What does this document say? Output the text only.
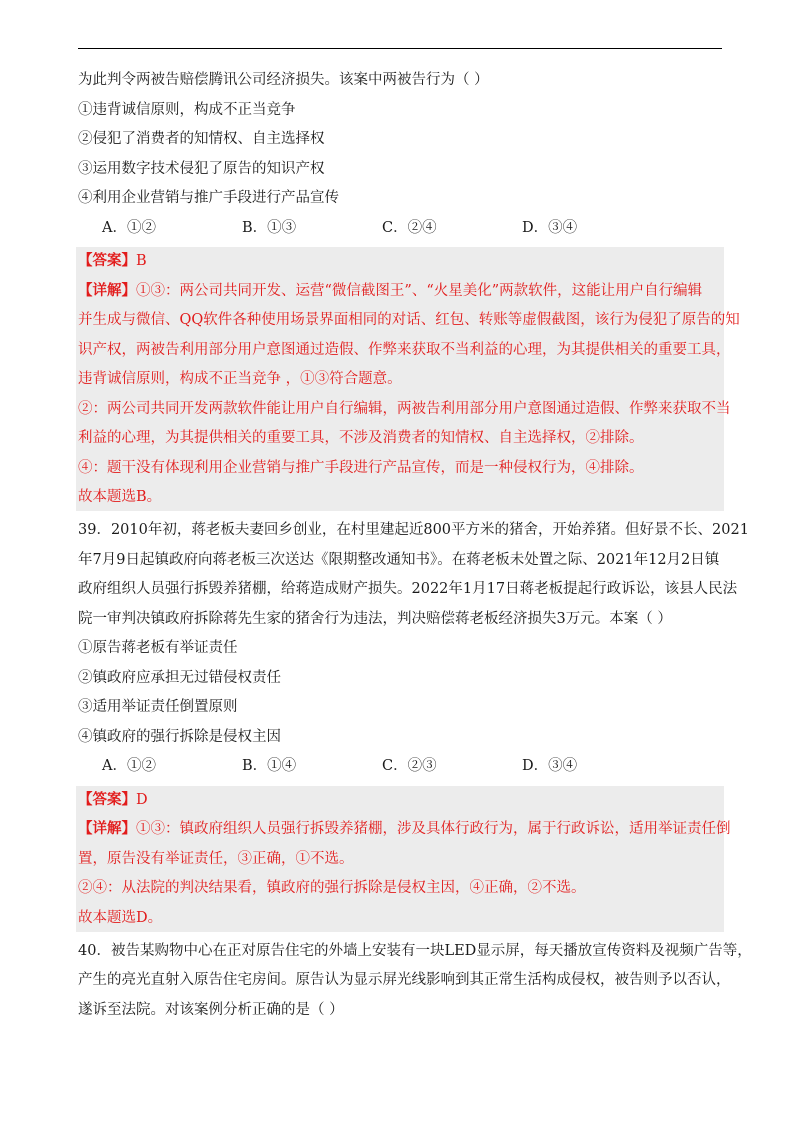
为此判令两被告赔偿腾讯公司经济损失。该案中两被告行为（ ）
①违背诚信原则，构成不正当竞争
②侵犯了消费者的知情权、自主选择权
③运用数字技术侵犯了原告的知识产权
④利用企业营销与推广手段进行产品宣传
A．①②	B．①③	C．②④	D．③④
【答案】B
【详解】①③：两公司共同开发、运营“微信截图王”、“火星美化”两款软件，这能让用户自行编辑
并生成与微信、QQ软件各种使用场景界面相同的对话、红包、转账等虚假截图，该行为侵犯了原告的知
识产权，两被告利用部分用户意图通过造假、作弊来获取不当利益的心理，为其提供相关的重要工具，
违背诚信原则，构成不正当竞争 ，①③符合题意。
②：两公司共同开发两款软件能让用户自行编辑，两被告利用部分用户意图通过造假、作弊来获取不当
利益的心理，为其提供相关的重要工具，不涉及消费者的知情权、自主选择权，②排除。
④：题干没有体现利用企业营销与推广手段进行产品宣传，而是一种侵权行为，④排除。
故本题选B。
39．2010年初，蒋老板夫妻回乡创业，在村里建起近800平方米的猪舍，开始养猪。但好景不长、2021
年7月9日起镇政府向蒋老板三次送达《限期整改通知书》。在蒋老板未处置之际、2021年12月2日镇
政府组织人员强行拆毁养猪棚，给蒋造成财产损失。2022年1月17日蒋老板提起行政诉讼，该县人民法
院一审判决镇政府拆除蒋先生家的猪舍行为违法，判决赔偿蒋老板经济损失3万元。本案（ ）
①原告蒋老板有举证责任
②镇政府应承担无过错侵权责任
③适用举证责任倒置原则
④镇政府的强行拆除是侵权主因
A．①②	B．①④	C．②③	D．③④
【答案】D
【详解】①③：镇政府组织人员强行拆毁养猪棚，涉及具体行政行为，属于行政诉讼，适用举证责任倒
置，原告没有举证责任，③正确，①不选。
②④：从法院的判决结果看，镇政府的强行拆除是侵权主因，④正确，②不选。
故本题选D。
40．被告某购物中心在正对原告住宅的外墙上安装有一块LED显示屏，每天播放宣传资料及视频广告等，
产生的亮光直射入原告住宅房间。原告认为显示屏光线影响到其正常生活构成侵权，被告则予以否认，
遂诉至法院。对该案例分析正确的是（ ）
